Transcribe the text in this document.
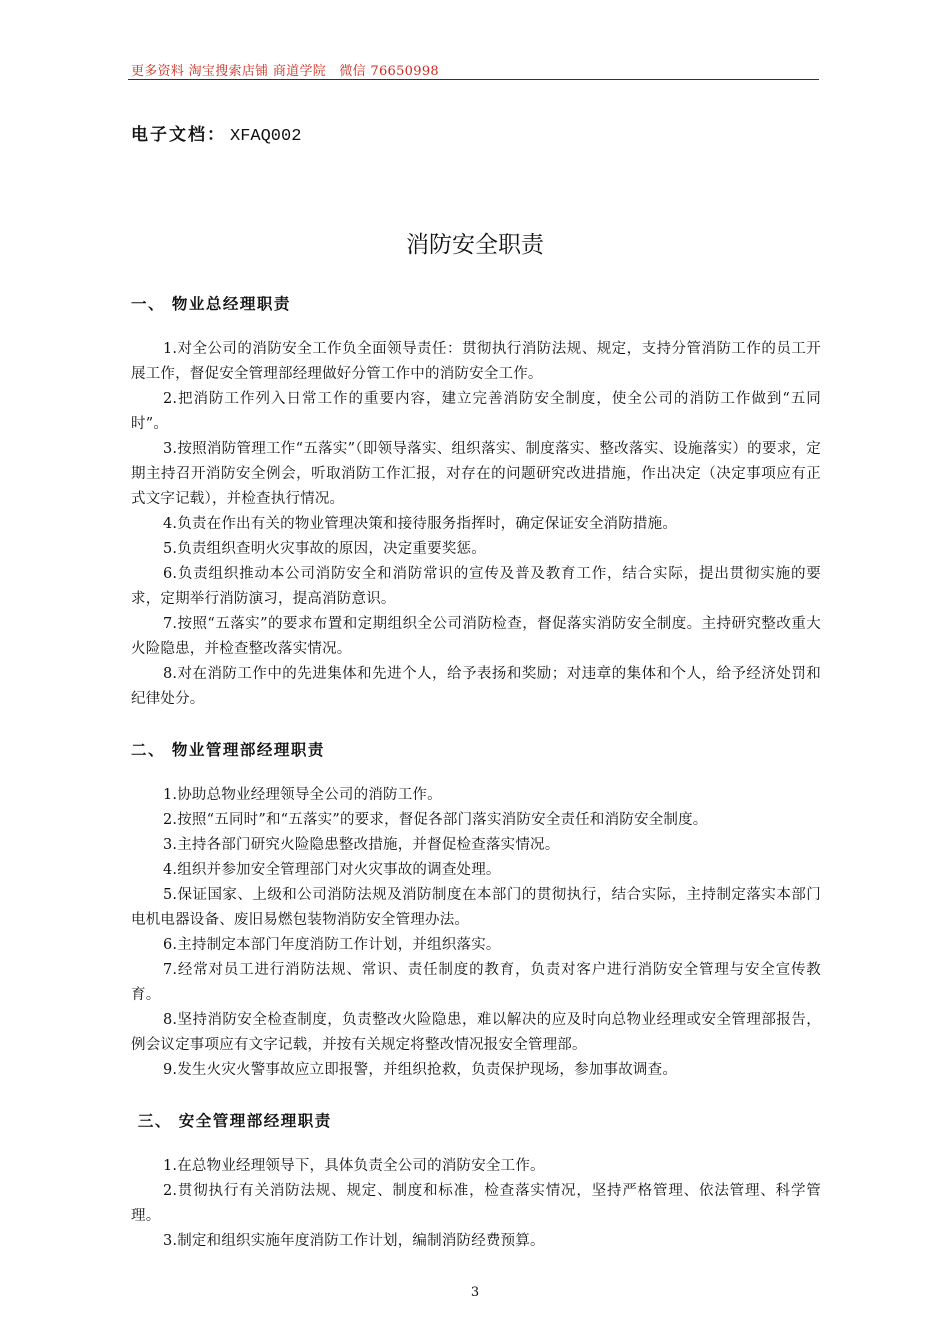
更多资料 淘宝搜索店铺 商道学院   微信 76650998
电子文档： XFAQ002
消防安全职责
一、 物业总经理职责

1.对全公司的消防安全工作负全面领导责任：贯彻执行消防法规、规定，支持分管消防工作的员工开展工作，督促安全管理部经理做好分管工作中的消防安全工作。

2.把消防工作列入日常工作的重要内容，建立完善消防安全制度，使全公司的消防工作做到“五同时”。

3.按照消防管理工作“五落实”（即领导落实、组织落实、制度落实、整改落实、设施落实）的要求，定期主持召开消防安全例会，听取消防工作汇报，对存在的问题研究改进措施，作出决定（决定事项应有正式文字记载），并检查执行情况。

4.负责在作出有关的物业管理决策和接待服务指挥时，确定保证安全消防措施。

5.负责组织查明火灾事故的原因，决定重要奖惩。

6.负责组织推动本公司消防安全和消防常识的宣传及普及教育工作，结合实际，提出贯彻实施的要求，定期举行消防演习，提高消防意识。

7.按照“五落实”的要求布置和定期组织全公司消防检查，督促落实消防安全制度。主持研究整改重大火险隐患，并检查整改落实情况。

8.对在消防工作中的先进集体和先进个人，给予表扬和奖励；对违章的集体和个人，给予经济处罚和纪律处分。

二、 物业管理部经理职责

1.协助总物业经理领导全公司的消防工作。

2.按照“五同时”和“五落实”的要求，督促各部门落实消防安全责任和消防安全制度。

3.主持各部门研究火险隐患整改措施，并督促检查落实情况。

4.组织并参加安全管理部门对火灾事故的调查处理。

5.保证国家、上级和公司消防法规及消防制度在本部门的贯彻执行，结合实际，主持制定落实本部门电机电器设备、废旧易燃包装物消防安全管理办法。

6.主持制定本部门年度消防工作计划，并组织落实。

7.经常对员工进行消防法规、常识、责任制度的教育，负责对客户进行消防安全管理与安全宣传教育。

8.坚持消防安全检查制度，负责整改火险隐患，难以解决的应及时向总物业经理或安全管理部报告，例会议定事项应有文字记载，并按有关规定将整改情况报安全管理部。

9.发生火灾火警事故应立即报警，并组织抢救，负责保护现场，参加事故调查。

三、 安全管理部经理职责

1.在总物业经理领导下，具体负责全公司的消防安全工作。

2.贯彻执行有关消防法规、规定、制度和标准，检查落实情况，坚持严格管理、依法管理、科学管理。

3.制定和组织实施年度消防工作计划，编制消防经费预算。

3
